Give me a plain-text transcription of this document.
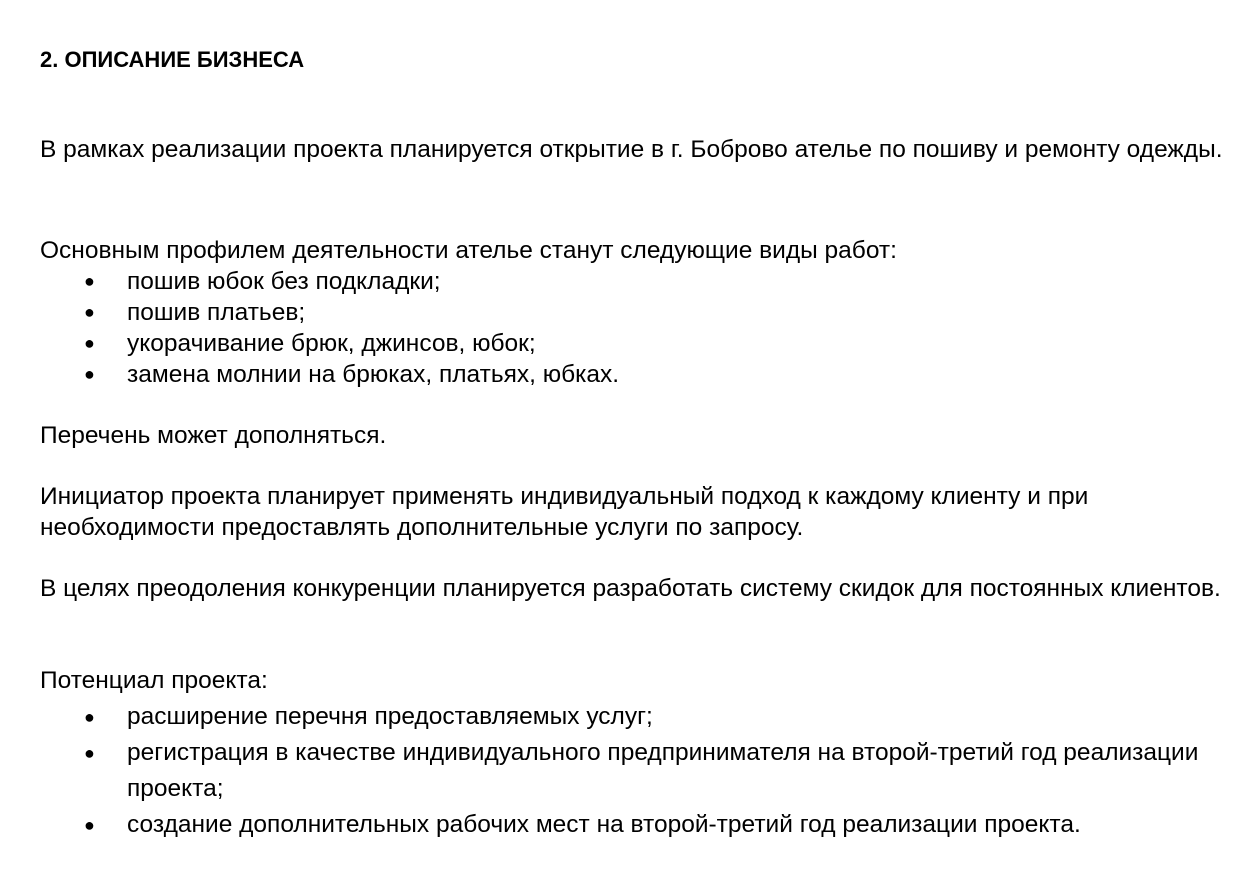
2. ОПИСАНИЕ БИЗНЕСА

В рамках реализации проекта планируется открытие в г. Боброво ателье по пошиву и ремонту одежды.

Основным профилем деятельности ателье станут следующие виды работ:

● пошив юбок без подкладки;
● пошив платьев;
● укорачивание брюк, джинсов, юбок;
● замена молнии на брюках, платьях, юбках.

Перечень может дополняться.

Инициатор проекта планирует применять индивидуальный подход к каждому клиенту и при необходимости предоставлять дополнительные услуги по запросу.

В целях преодоления конкуренции планируется разработать систему скидок для постоянных клиентов.

Потенциал проекта:

● расширение перечня предоставляемых услуг;
● регистрация в качестве индивидуального предпринимателя на второй-третий год реализации проекта;
● создание дополнительных рабочих мест на второй-третий год реализации проекта.
